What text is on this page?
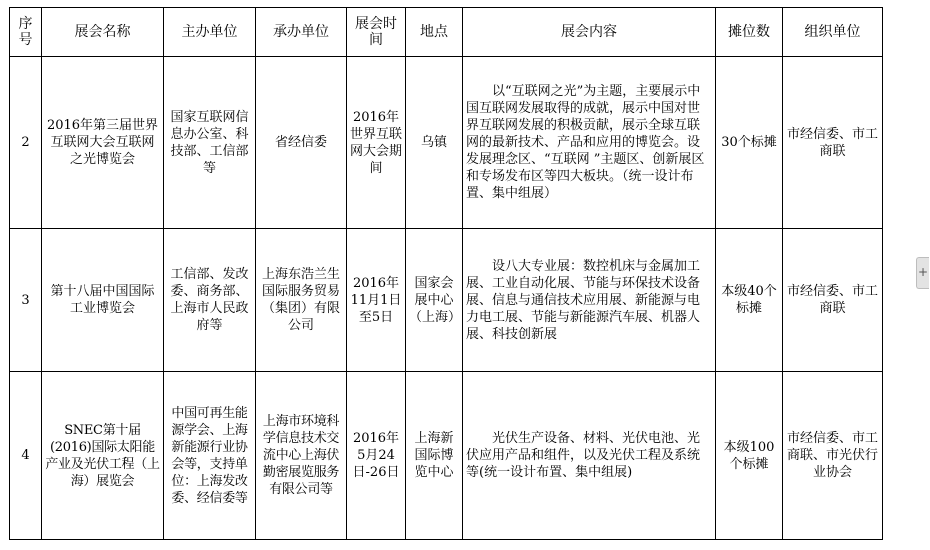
序号	展会名称	主办单位	承办单位	展会时间	地点	展会内容	摊位数	组织单位
2	2016年第三届世界互联网大会互联网之光博览会	国家互联网信息办公室、科技部、工信部等	省经信委	2016年世界互联网大会期间	乌镇	以“互联网之光”为主题，主要展示中国互联网发展取得的成就，展示中国对世界互联网发展的积极贡献，展示全球互联网的最新技术、产品和应用的博览会。设发展理念区、“互联网 ”主题区、创新展区和专场发布区等四大板块。（统一设计布置、集中组展）	30个标摊	市经信委、市工商联
3	第十八届中国国际工业博览会	工信部、发改委、商务部、上海市人民政府等	上海东浩兰生国际服务贸易（集团）有限公司	2016年11月1日至5日	国家会展中心（上海）	设八大专业展：数控机床与金属加工展、工业自动化展、节能与环保技术设备展、信息与通信技术应用展、新能源与电力电工展、节能与新能源汽车展、机器人展、科技创新展	本级40个标摊	市经信委、市工商联
4	SNEC第十届(2016)国际太阳能产业及光伏工程（上海）展览会	中国可再生能源学会、上海新能源行业协会等，支持单位：上海发改委、经信委等	上海市环境科学信息技术交流中心上海伏勤密展览服务有限公司等	2016年5月24日-26日	上海新国际博览中心	光伏生产设备、材料、光伏电池、光伏应用产品和组件，以及光伏工程及系统等(统一设计布置、集中组展)	本级100个标摊	市经信委、市工商联、市光伏行业协会
+
